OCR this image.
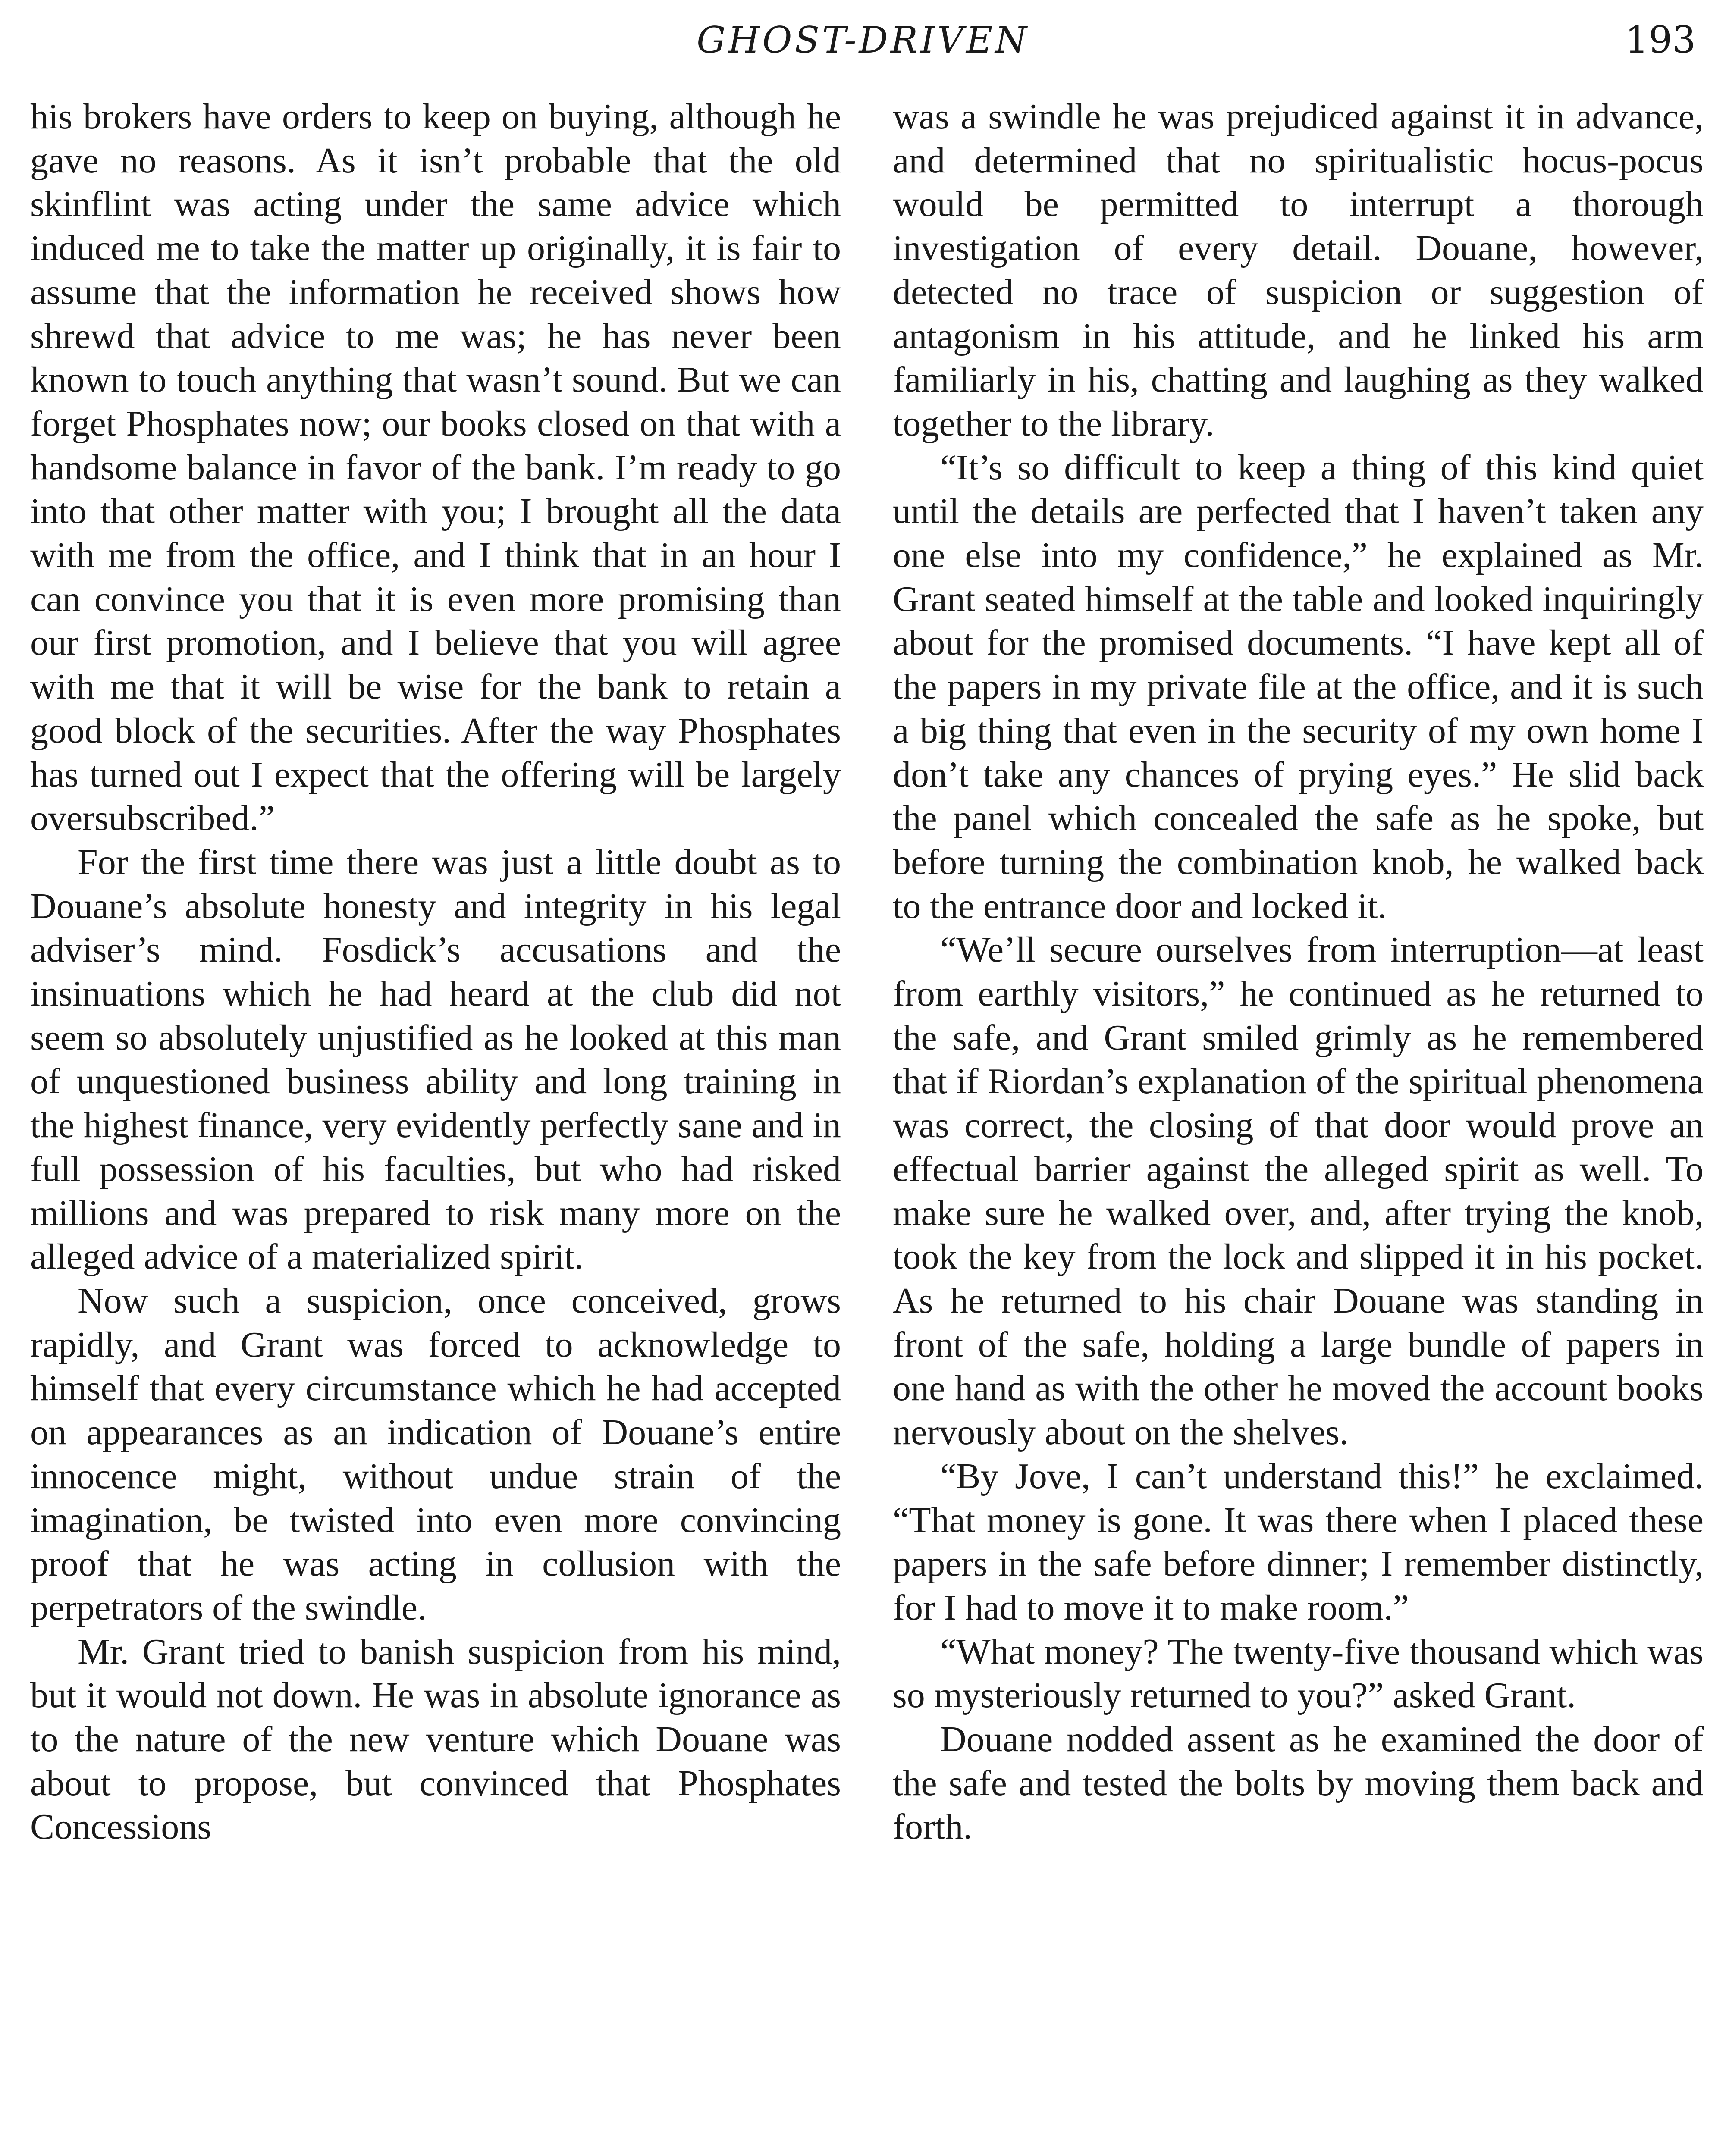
GHOST-DRIVEN	193

his brokers have orders to keep on buying, although he gave no reasons. As it isn’t probable that the old skinflint was acting under the same advice which induced me to take the matter up originally, it is fair to assume that the information he received shows how shrewd that advice to me was; he has never been known to touch anything that wasn’t sound. But we can forget Phosphates now; our books closed on that with a handsome balance in favor of the bank. I’m ready to go into that other matter with you; I brought all the data with me from the office, and I think that in an hour I can convince you that it is even more promising than our first promotion, and I believe that you will agree with me that it will be wise for the bank to retain a good block of the securities. After the way Phosphates has turned out I expect that the offering will be largely oversubscribed.”

For the first time there was just a little doubt as to Douane’s absolute honesty and integrity in his legal adviser’s mind. Fosdick’s accusations and the insinuations which he had heard at the club did not seem so absolutely unjustified as he looked at this man of unquestioned business ability and long training in the highest finance, very evidently perfectly sane and in full possession of his faculties, but who had risked millions and was prepared to risk many more on the alleged advice of a materialized spirit.

Now such a suspicion, once conceived, grows rapidly, and Grant was forced to acknowledge to himself that every circumstance which he had accepted on appearances as an indication of Douane’s entire innocence might, without undue strain of the imagination, be twisted into even more convincing proof that he was acting in collusion with the perpetrators of the swindle.

Mr. Grant tried to banish suspicion from his mind, but it would not down. He was in absolute ignorance as to the nature of the new venture which Douane was about to propose, but convinced that Phosphates Concessions

was a swindle he was prejudiced against it in advance, and determined that no spiritualistic hocus-pocus would be permitted to interrupt a thorough investigation of every detail. Douane, however, detected no trace of suspicion or suggestion of antagonism in his attitude, and he linked his arm familiarly in his, chatting and laughing as they walked together to the library.

“It’s so difficult to keep a thing of this kind quiet until the details are perfected that I haven’t taken any one else into my confidence,” he explained as Mr. Grant seated himself at the table and looked inquiringly about for the promised documents. “I have kept all of the papers in my private file at the office, and it is such a big thing that even in the security of my own home I don’t take any chances of prying eyes.” He slid back the panel which concealed the safe as he spoke, but before turning the combination knob, he walked back to the entrance door and locked it.

“We’ll secure ourselves from interruption—at least from earthly visitors,” he continued as he returned to the safe, and Grant smiled grimly as he remembered that if Riordan’s explanation of the spiritual phenomena was correct, the closing of that door would prove an effectual barrier against the alleged spirit as well. To make sure he walked over, and, after trying the knob, took the key from the lock and slipped it in his pocket. As he returned to his chair Douane was standing in front of the safe, holding a large bundle of papers in one hand as with the other he moved the account books nervously about on the shelves.

“By Jove, I can’t understand this!” he exclaimed. “That money is gone. It was there when I placed these papers in the safe before dinner; I remember distinctly, for I had to move it to make room.”

“What money? The twenty-five thousand which was so mysteriously returned to you?” asked Grant.

Douane nodded assent as he examined the door of the safe and tested the bolts by moving them back and forth.
